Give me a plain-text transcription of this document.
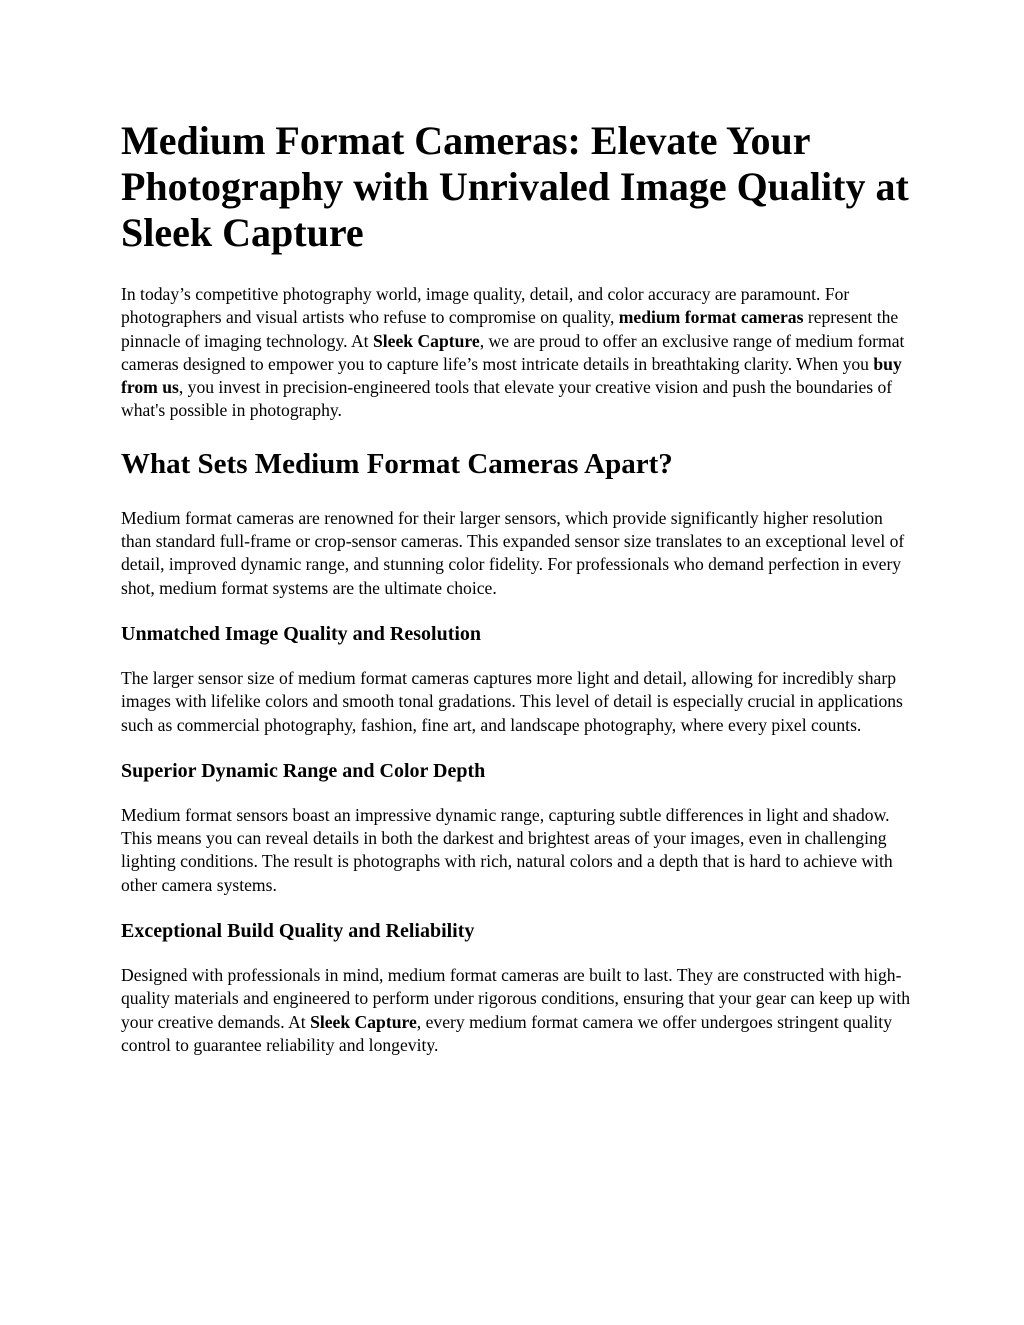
Medium Format Cameras: Elevate Your Photography with Unrivaled Image Quality at Sleek Capture

In today’s competitive photography world, image quality, detail, and color accuracy are paramount. For photographers and visual artists who refuse to compromise on quality, medium format cameras represent the pinnacle of imaging technology. At Sleek Capture, we are proud to offer an exclusive range of medium format cameras designed to empower you to capture life’s most intricate details in breathtaking clarity. When you buy from us, you invest in precision-engineered tools that elevate your creative vision and push the boundaries of what's possible in photography.

What Sets Medium Format Cameras Apart?

Medium format cameras are renowned for their larger sensors, which provide significantly higher resolution than standard full-frame or crop-sensor cameras. This expanded sensor size translates to an exceptional level of detail, improved dynamic range, and stunning color fidelity. For professionals who demand perfection in every shot, medium format systems are the ultimate choice.

Unmatched Image Quality and Resolution

The larger sensor size of medium format cameras captures more light and detail, allowing for incredibly sharp images with lifelike colors and smooth tonal gradations. This level of detail is especially crucial in applications such as commercial photography, fashion, fine art, and landscape photography, where every pixel counts.

Superior Dynamic Range and Color Depth

Medium format sensors boast an impressive dynamic range, capturing subtle differences in light and shadow. This means you can reveal details in both the darkest and brightest areas of your images, even in challenging lighting conditions. The result is photographs with rich, natural colors and a depth that is hard to achieve with other camera systems.

Exceptional Build Quality and Reliability

Designed with professionals in mind, medium format cameras are built to last. They are constructed with high-quality materials and engineered to perform under rigorous conditions, ensuring that your gear can keep up with your creative demands. At Sleek Capture, every medium format camera we offer undergoes stringent quality control to guarantee reliability and longevity.
